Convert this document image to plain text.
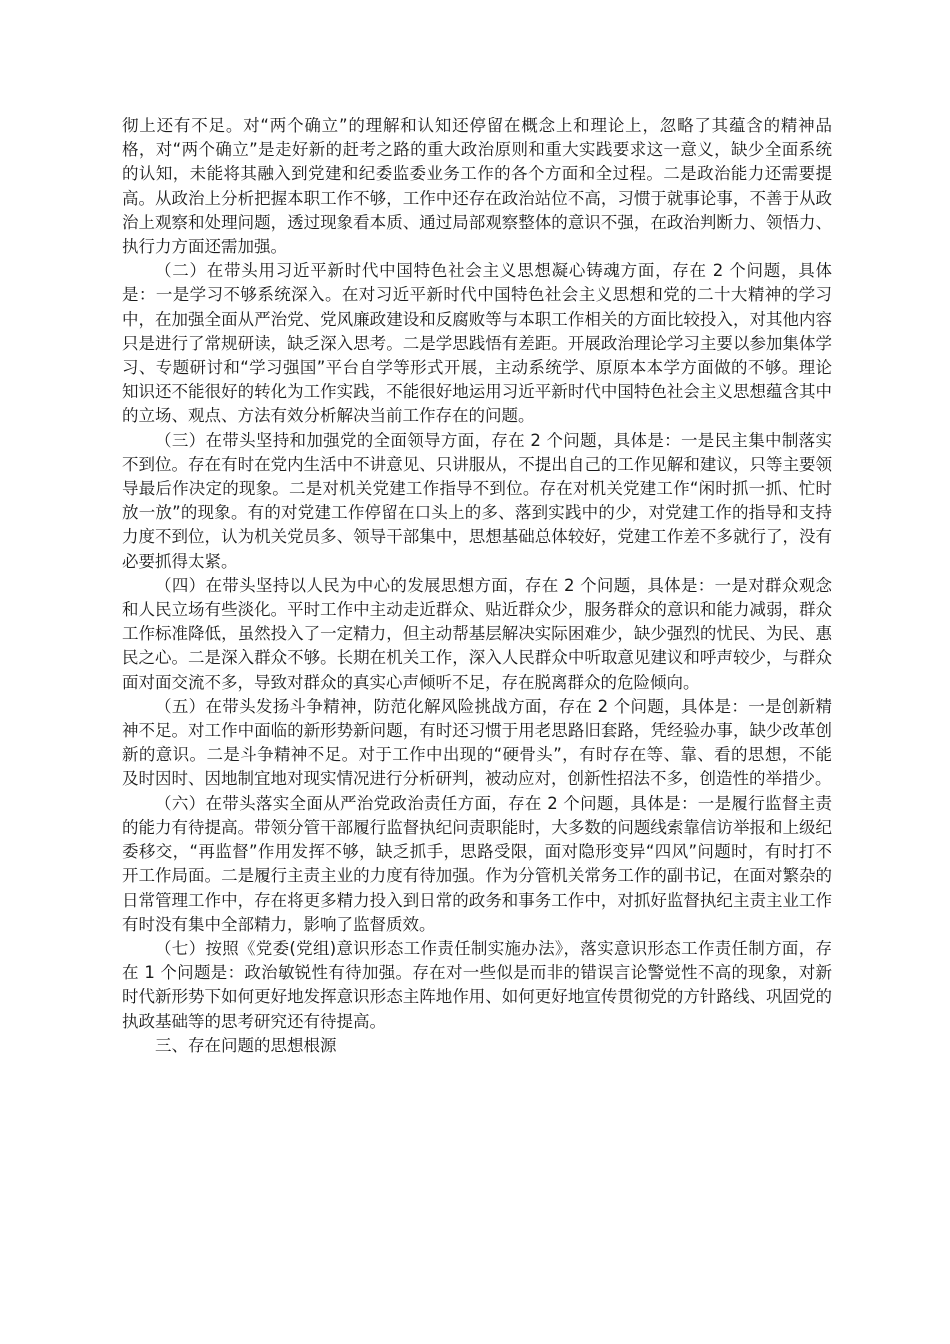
彻上还有不足。对“两个确立”的理解和认知还停留在概念上和理论上，忽略了其蕴含的精神品格，对“两个确立”是走好新的赶考之路的重大政治原则和重大实践要求这一意义，缺少全面系统的认知，未能将其融入到党建和纪委监委业务工作的各个方面和全过程。二是政治能力还需要提高。从政治上分析把握本职工作不够，工作中还存在政治站位不高，习惯于就事论事，不善于从政治上观察和处理问题，透过现象看本质、通过局部观察整体的意识不强，在政治判断力、领悟力、执行力方面还需加强。

（二）在带头用习近平新时代中国特色社会主义思想凝心铸魂方面，存在 2 个问题，具体是：一是学习不够系统深入。在对习近平新时代中国特色社会主义思想和党的二十大精神的学习中，在加强全面从严治党、党风廉政建设和反腐败等与本职工作相关的方面比较投入，对其他内容只是进行了常规研读，缺乏深入思考。二是学思践悟有差距。开展政治理论学习主要以参加集体学习、专题研讨和“学习强国”平台自学等形式开展，主动系统学、原原本本学方面做的不够。理论知识还不能很好的转化为工作实践，不能很好地运用习近平新时代中国特色社会主义思想蕴含其中的立场、观点、方法有效分析解决当前工作存在的问题。

（三）在带头坚持和加强党的全面领导方面，存在 2 个问题，具体是：一是民主集中制落实不到位。存在有时在党内生活中不讲意见、只讲服从，不提出自己的工作见解和建议，只等主要领导最后作决定的现象。二是对机关党建工作指导不到位。存在对机关党建工作“闲时抓一抓、忙时放一放”的现象。有的对党建工作停留在口头上的多、落到实践中的少，对党建工作的指导和支持力度不到位，认为机关党员多、领导干部集中，思想基础总体较好，党建工作差不多就行了，没有必要抓得太紧。

（四）在带头坚持以人民为中心的发展思想方面，存在 2 个问题，具体是：一是对群众观念和人民立场有些淡化。平时工作中主动走近群众、贴近群众少，服务群众的意识和能力减弱，群众工作标准降低，虽然投入了一定精力，但主动帮基层解决实际困难少，缺少强烈的忧民、为民、惠民之心。二是深入群众不够。长期在机关工作，深入人民群众中听取意见建议和呼声较少，与群众面对面交流不多，导致对群众的真实心声倾听不足，存在脱离群众的危险倾向。

（五）在带头发扬斗争精神，防范化解风险挑战方面，存在 2 个问题，具体是：一是创新精神不足。对工作中面临的新形势新问题，有时还习惯于用老思路旧套路，凭经验办事，缺少改革创新的意识。二是斗争精神不足。对于工作中出现的“硬骨头”，有时存在等、靠、看的思想，不能及时因时、因地制宜地对现实情况进行分析研判，被动应对，创新性招法不多，创造性的举措少。

（六）在带头落实全面从严治党政治责任方面，存在 2 个问题，具体是：一是履行监督主责的能力有待提高。带领分管干部履行监督执纪问责职能时，大多数的问题线索靠信访举报和上级纪委移交，“再监督”作用发挥不够，缺乏抓手，思路受限，面对隐形变异“四风”问题时，有时打不开工作局面。二是履行主责主业的力度有待加强。作为分管机关常务工作的副书记，在面对繁杂的日常管理工作中，存在将更多精力投入到日常的政务和事务工作中，对抓好监督执纪主责主业工作有时没有集中全部精力，影响了监督质效。

（七）按照《党委(党组)意识形态工作责任制实施办法》，落实意识形态工作责任制方面，存在 1 个问题是：政治敏锐性有待加强。存在对一些似是而非的错误言论警觉性不高的现象，对新时代新形势下如何更好地发挥意识形态主阵地作用、如何更好地宣传贯彻党的方针路线、巩固党的执政基础等的思考研究还有待提高。

三、存在问题的思想根源
